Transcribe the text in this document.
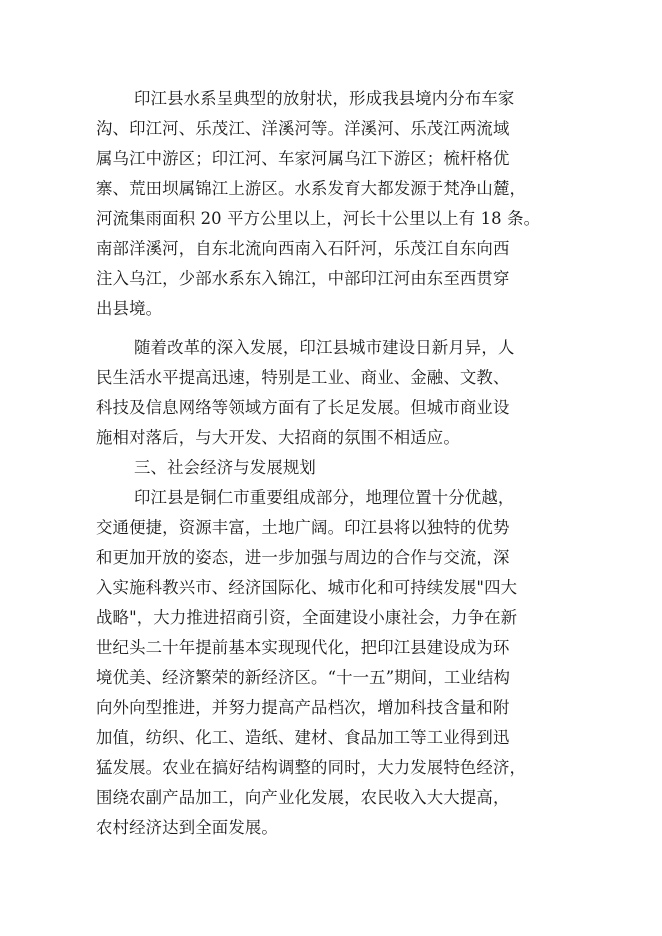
印江县水系呈典型的放射状，形成我县境内分布车家
沟、印江河、乐茂江、洋溪河等。洋溪河、乐茂江两流域
属乌江中游区；印江河、车家河属乌江下游区；梳杆格优
寨、荒田坝属锦江上游区。水系发育大都发源于梵净山麓，
河流集雨面积 20 平方公里以上，河长十公里以上有 18 条。
南部洋溪河，自东北流向西南入石阡河，乐茂江自东向西
注入乌江，少部水系东入锦江，中部印江河由东至西贯穿
出县境。
随着改革的深入发展，印江县城市建设日新月异，人
民生活水平提高迅速，特别是工业、商业、金融、文教、
科技及信息网络等领域方面有了长足发展。但城市商业设
施相对落后，与大开发、大招商的氛围不相适应。
三、社会经济与发展规划
印江县是铜仁市重要组成部分，地理位置十分优越，
交通便捷，资源丰富，土地广阔。印江县将以独特的优势
和更加开放的姿态，进一步加强与周边的合作与交流，深
入实施科教兴市、经济国际化、城市化和可持续发展"四大
战略"，大力推进招商引资，全面建设小康社会，力争在新
世纪头二十年提前基本实现现代化，把印江县建设成为环
境优美、经济繁荣的新经济区。“十一五”期间，工业结构
向外向型推进，并努力提高产品档次，增加科技含量和附
加值，纺织、化工、造纸、建材、食品加工等工业得到迅
猛发展。农业在搞好结构调整的同时，大力发展特色经济，
围绕农副产品加工，向产业化发展，农民收入大大提高，
农村经济达到全面发展。
